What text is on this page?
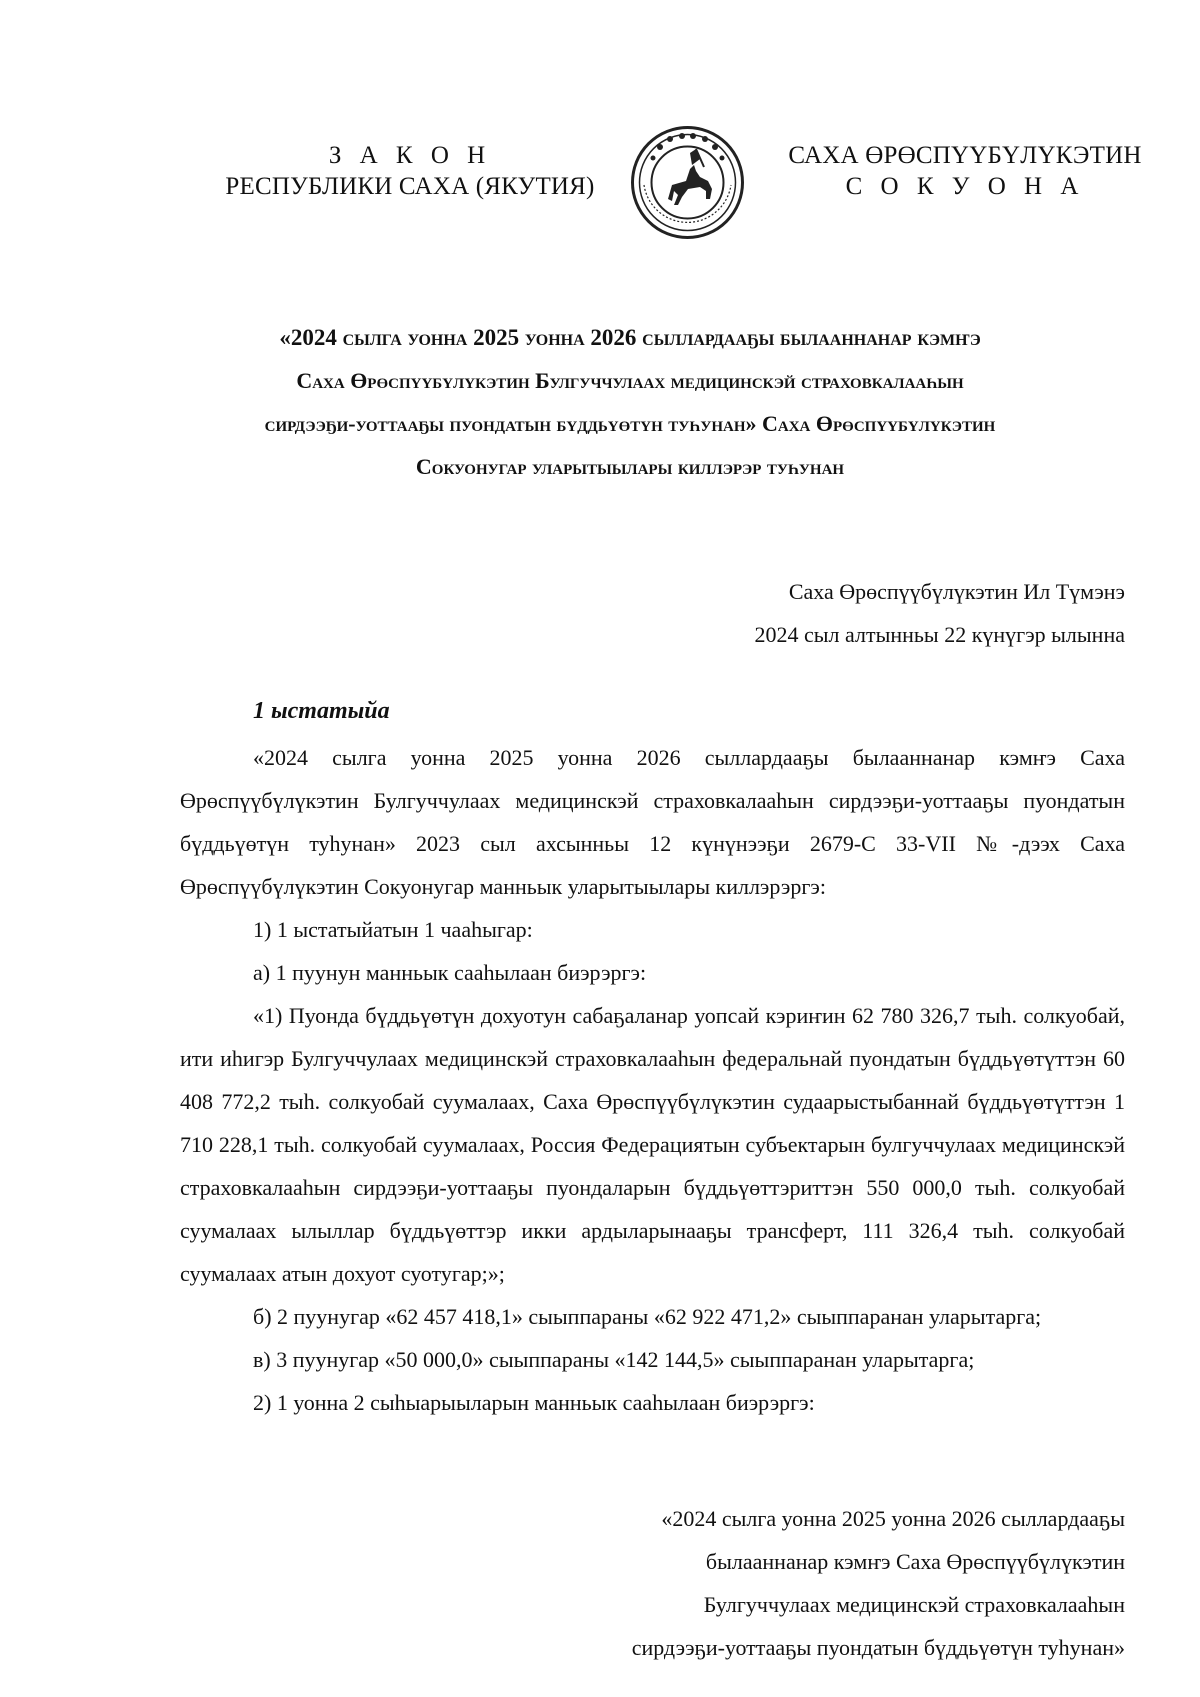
З А К О Н
РЕСПУБЛИКИ САХА (ЯКУТИЯ)
САХА ӨРӨСПҮҮБҮЛҮКЭТИН
С О К У О Н А
«2024 сылга уонна 2025 уонна 2026 сыллардааҕы былааннанар кэмҥэ
Саха Өрөспүүбүлүкэтин Булгуччулаах медицинскэй страховкалааһын
сирдээҕи-уоттааҕы пуондатын бүддьүөтүн туһунан» Саха Өрөспүүбүлүкэтин
Сокуонугар уларытыылары киллэрэр туһунан
Саха Өрөспүүбүлүкэтин Ил Түмэнэ
2024 сыл алтынньы 22 күнүгэр ылынна
1 ыстатыйа

«2024 сылга уонна 2025 уонна 2026 сыллардааҕы былааннанар кэмҥэ Саха Өрөспүүбүлүкэтин Булгуччулаах медицинскэй страховкалааһын сирдээҕи-уоттааҕы пуондатын бүддьүөтүн туһунан» 2023 сыл ахсынньы 12 күнүнээҕи 2679-С 33-VII №-дээх Саха Өрөспүүбүлүкэтин Сокуонугар манньык уларытыылары киллэрэргэ:

1) 1 ыстатыйатын 1 чааһыгар:

а) 1 пуунун манньык сааһылаан биэрэргэ:

«1) Пуонда бүддьүөтүн дохуотун сабаҕаланар уопсай кэриҥин 62 780 326,7 тыһ. солкуобай, ити иһигэр Булгуччулаах медицинскэй страховкалааһын федеральнай пуондатын бүддьүөтүттэн 60 408 772,2 тыһ. солкуобай суумалаах, Саха Өрөспүүбүлүкэтин судаарыстыбаннай бүддьүөтүттэн 1 710 228,1 тыһ. солкуобай суумалаах, Россия Федерациятын субъектарын булгуччулаах медицинскэй страховкалааһын сирдээҕи-уоттааҕы пуондаларын бүддьүөттэриттэн 550 000,0 тыһ. солкуобай суумалаах ылыллар бүддьүөттэр икки ардыларынааҕы трансферт, 111 326,4 тыһ. солкуобай суумалаах атын дохуот суотугар;»;

б) 2 пуунугар «62 457 418,1» сыыппараны «62 922 471,2» сыыппаранан уларытарга;

в) 3 пуунугар «50 000,0» сыыппараны «142 144,5» сыыппаранан уларытарга;

2) 1 уонна 2 сыһыарыыларын манньык сааһылаан биэрэргэ:

«2024 сылга уонна 2025 уонна 2026 сыллардааҕы
былааннанар кэмҥэ Саха Өрөспүүбүлүкэтин
Булгуччулаах медицинскэй страховкалааһын
сирдээҕи-уоттааҕы пуондатын бүддьүөтүн туһунан»
